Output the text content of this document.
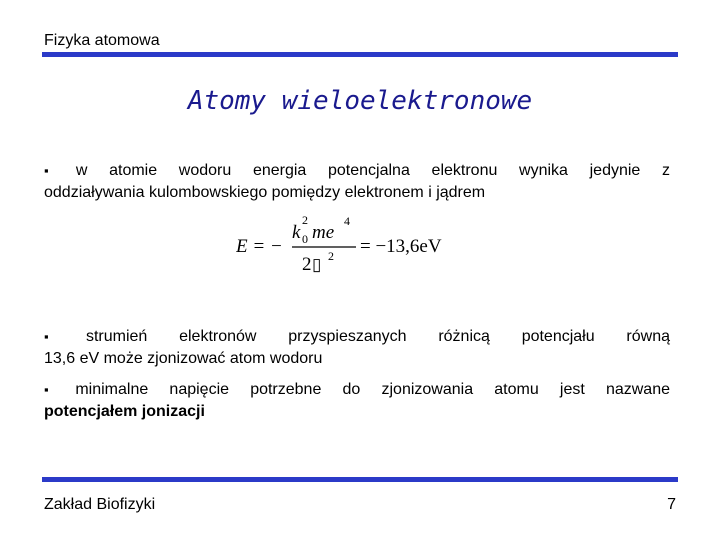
Fizyka atomowa
Atomy wieloelektronowe
▪ w atomie wodoru energia potencjalna elektronu wynika jedynie z
oddziaływania kulombowskiego pomiędzy elektronem i jądrem
E = −
k
2
0 me
4
2 ▯ 2 = −13,6eV
▪ strumień elektronów przyspieszanych różnicą potencjału równą
13,6 eV może zjonizować atom wodoru
▪ minimalne napięcie potrzebne do zjonizowania atomu jest nazwane
potencjałem jonizacji
Zakład Biofizyki	7
